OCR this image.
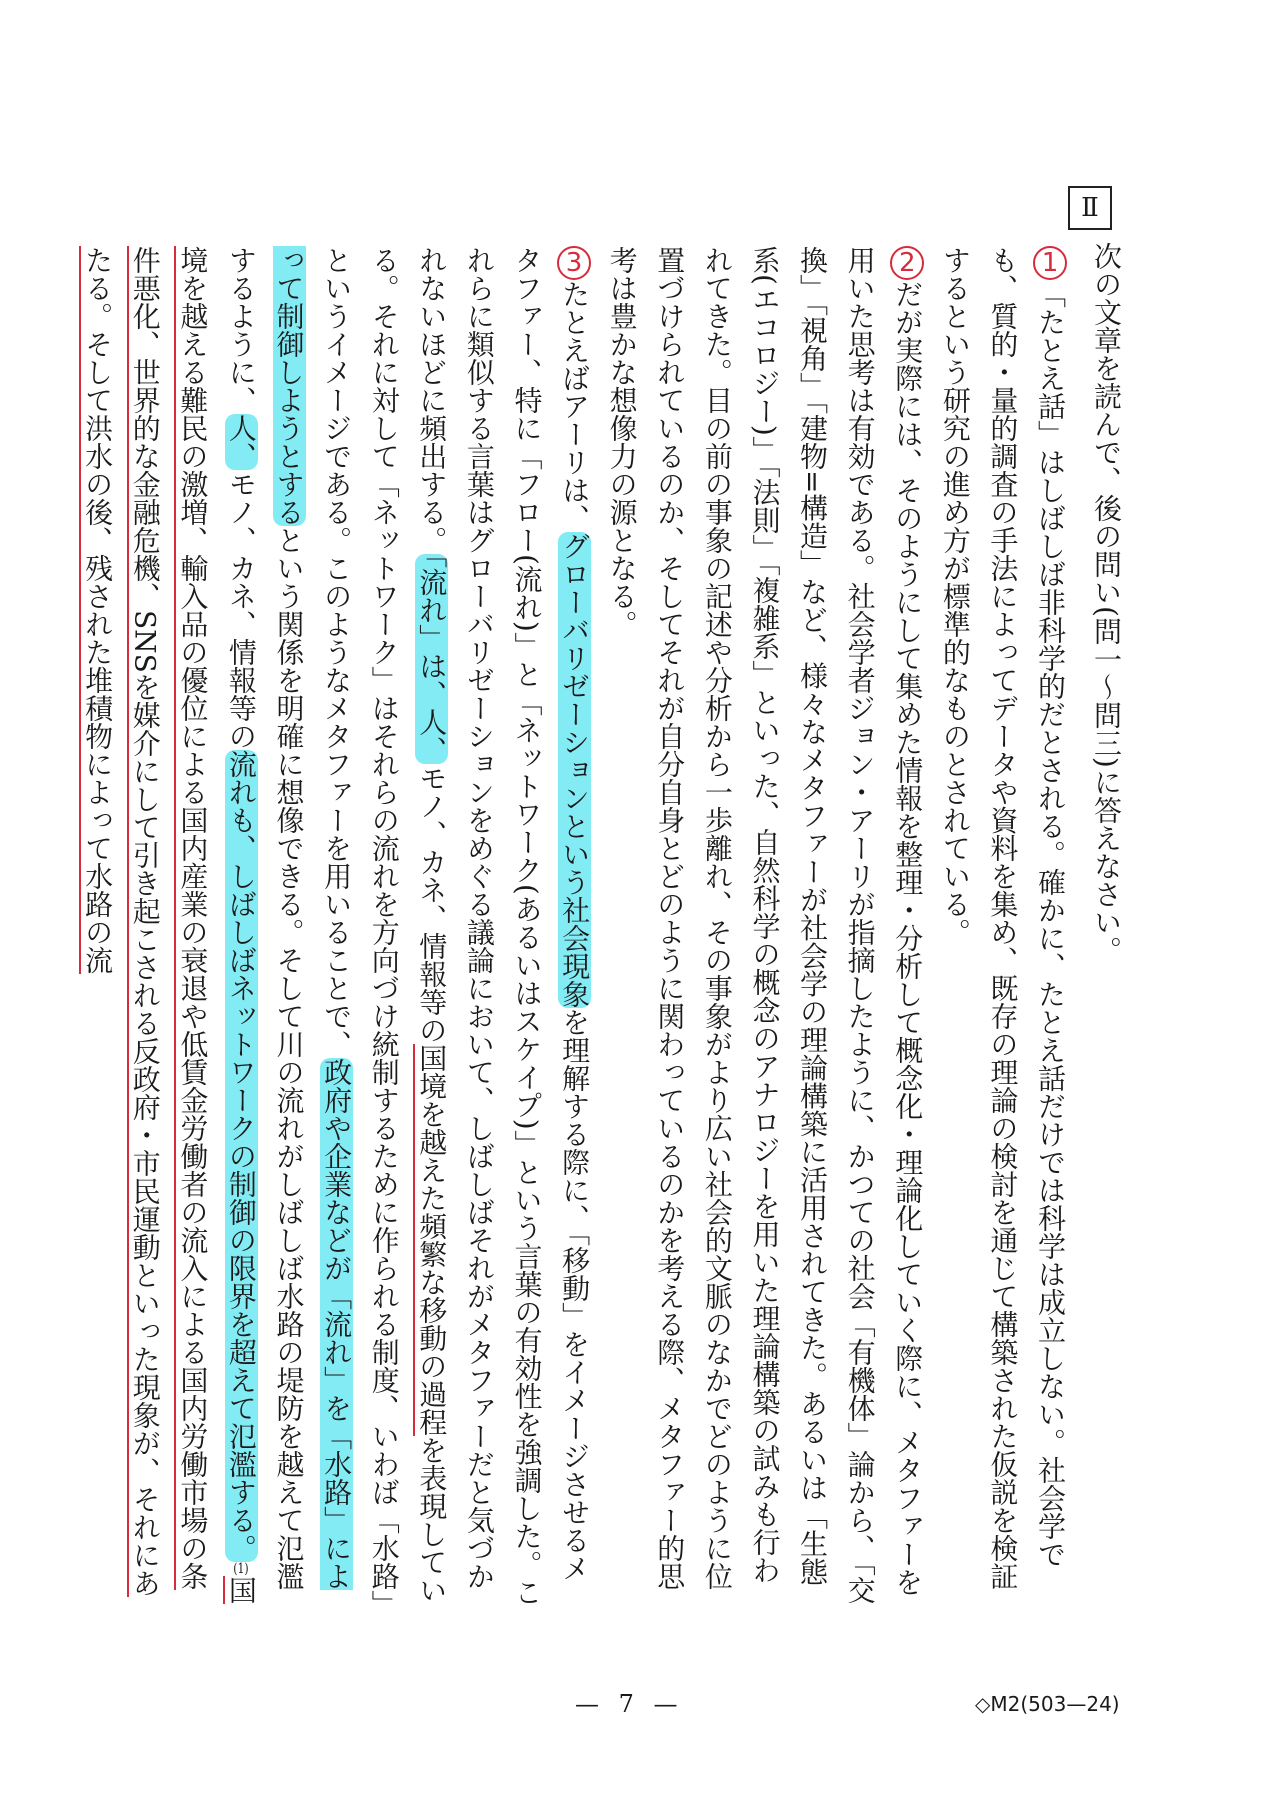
Ⅱ
次の文章を読んで、後の問い(問一～問三)に答えなさい。

1「たとえ話」はしばしば非科学的だとされる。確かに、たとえ話だけでは科学は成立しない。社会学でも、質的・量的調査の手法によってデータや資料を集め、既存の理論の検討を通じて構築された仮説を検証するという研究の進め方が標準的なものとされている。

2だが実際には、そのようにして集めた情報を整理・分析して概念化・理論化していく際に、メタファーを用いた思考は有効である。社会学者ジョン・アーリが指摘したように、かつての社会「有機体」論から、「交換」「視角」「建物=構造」など、様々なメタファーが社会学の理論構築に活用されてきた。あるいは「生態系(エコロジー)」「法則」「複雑系」といった、自然科学の概念のアナロジーを用いた理論構築の試みも行われてきた。目の前の事象の記述や分析から一歩離れ、その事象がより広い社会的文脈のなかでどのように位置づけられているのか、そしてそれが自分自身とどのように関わっているのかを考える際、メタファー的思考は豊かな想像力の源となる。

3たとえばアーリは、グローバリゼーションという社会現象を理解する際に、「移動」をイメージさせるメタファー、特に「フロー(流れ)」と「ネットワーク(あるいはスケイプ)」という言葉の有効性を強調した。これらに類似する言葉はグローバリゼーションをめぐる議論において、しばしばそれがメタファーだと気づかれないほどに頻出する。「流れ」は、人、モノ、カネ、情報等の国境を越えた頻繁な移動の過程を表現している。それに対して「ネットワーク」はそれらの流れを方向づけ統制するために作られる制度、いわば「水路」というイメージである。このようなメタファーを用いることで、政府や企業などが「流れ」を「水路」によって制御しようとするという関係を明確に想像できる。そして川の流れがしばしば水路の堤防を越えて氾濫するように、人、モノ、カネ、情報等の流れも、しばしばネットワークの制御の限界を超えて氾濫する。(1)国境を越える難民の激増、輸入品の優位による国内産業の衰退や低賃金労働者の流入による国内労働市場の条件悪化、世界的な金融危機、SNSを媒介にして引き起こされる反政府・市民運動といった現象が、それにあたる。そして洪水の後、残された堆積物によって水路の流

— 7 —	◇M2(503—24)
